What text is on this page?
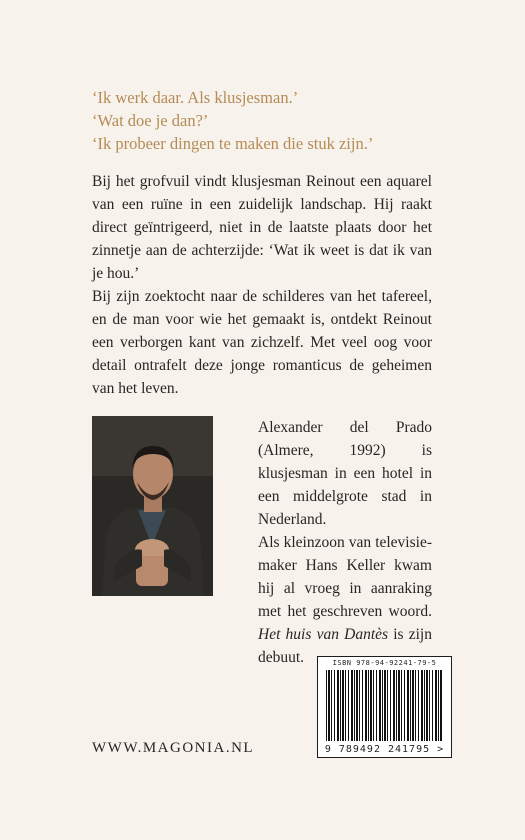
‘Ik werk daar. Als klusjesman.’
‘Wat doe je dan?’
‘Ik probeer dingen te maken die stuk zijn.’

Bij het grofvuil vindt klusjesman Reinout een aquarel van een ruïne in een zuidelijk landschap. Hij raakt direct geïntrigeerd, niet in de laatste plaats door het zinnetje aan de achterzijde: ‘Wat ik weet is dat ik van je hou.’

Bij zijn zoektocht naar de schilderes van het tafereel, en de man voor wie het gemaakt is, ontdekt Reinout een verborgen kant van zichzelf. Met veel oog voor detail ontrafelt deze jonge romanticus de geheimen van het leven.

Alexander del Prado (Almere, 1992) is klusjesman in een hotel in een middelgrote stad in Nederland.

Als kleinzoon van televisie-maker Hans Keller kwam hij al vroeg in aanraking met het geschreven woord. Het huis van Dantès is zijn debuut.	ISBN 978-94-92241-79-5
9 789492 241795 >
WWW.MAGONIA.NL
